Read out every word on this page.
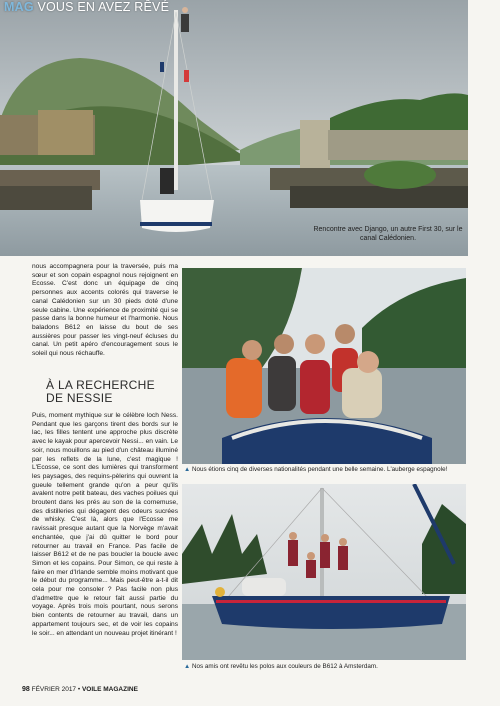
MAG VOUS EN AVEZ RÊVÉ
Rencontre avec Django, un autre First 30, sur le canal Calédonien.

nous accompagnera pour la traversée, puis ma sœur et son copain espagnol nous rejoignent en Ecosse. C'est donc un équipage de cinq personnes aux accents colorés qui traverse le canal Calédonien sur un 30 pieds doté d'une seule cabine. Une expérience de proximité qui se passe dans la bonne humeur et l'harmonie. Nous baladons B612 en laisse du bout de ses aussières pour passer les vingt-neuf écluses du canal. Un petit apéro d'encouragement sous le soleil qui nous réchauffe.

À LA RECHERCHE
DE NESSIE

Puis, moment mythique sur le célèbre loch Ness. Pendant que les garçons tirent des bords sur le lac, les filles tentent une approche plus discrète avec le kayak pour apercevoir Nessi... en vain. Le soir, nous mouillons au pied d'un château illuminé par les reflets de la lune, c'est magique ! L'Ecosse, ce sont des lumières qui transforment les paysages, des requins-pèlerins qui ouvrent la gueule tellement grande qu'on a peur qu'ils avalent notre petit bateau, des vaches poilues qui broutent dans les prés au son de la cornemuse, des distilleries qui dégagent des odeurs sucrées de whisky. C'est là, alors que l'Ecosse me ravissait presque autant que la Norvège m'avait enchantée, que j'ai dû quitter le bord pour retourner au travail en France. Pas facile de laisser B612 et de ne pas boucler la boucle avec Simon et les copains. Pour Simon, ce qui reste à faire en mer d'Irlande semble moins motivant que le début du programme... Mais peut-être a-t-il dit cela pour me consoler ? Pas facile non plus d'admettre que le retour fait aussi partie du voyage. Après trois mois pourtant, nous serons bien contents de retourner au travail, dans un appartement toujours sec, et de voir les copains le soir... en attendant un nouveau projet itinérant !

▲ Nous étions cinq de diverses nationalités pendant une belle semaine. L'auberge espagnole!
▲ Nos amis ont revêtu les polos aux couleurs de B612 à Amsterdam.
98 FÉVRIER 2017 • VOILE MAGAZINE
